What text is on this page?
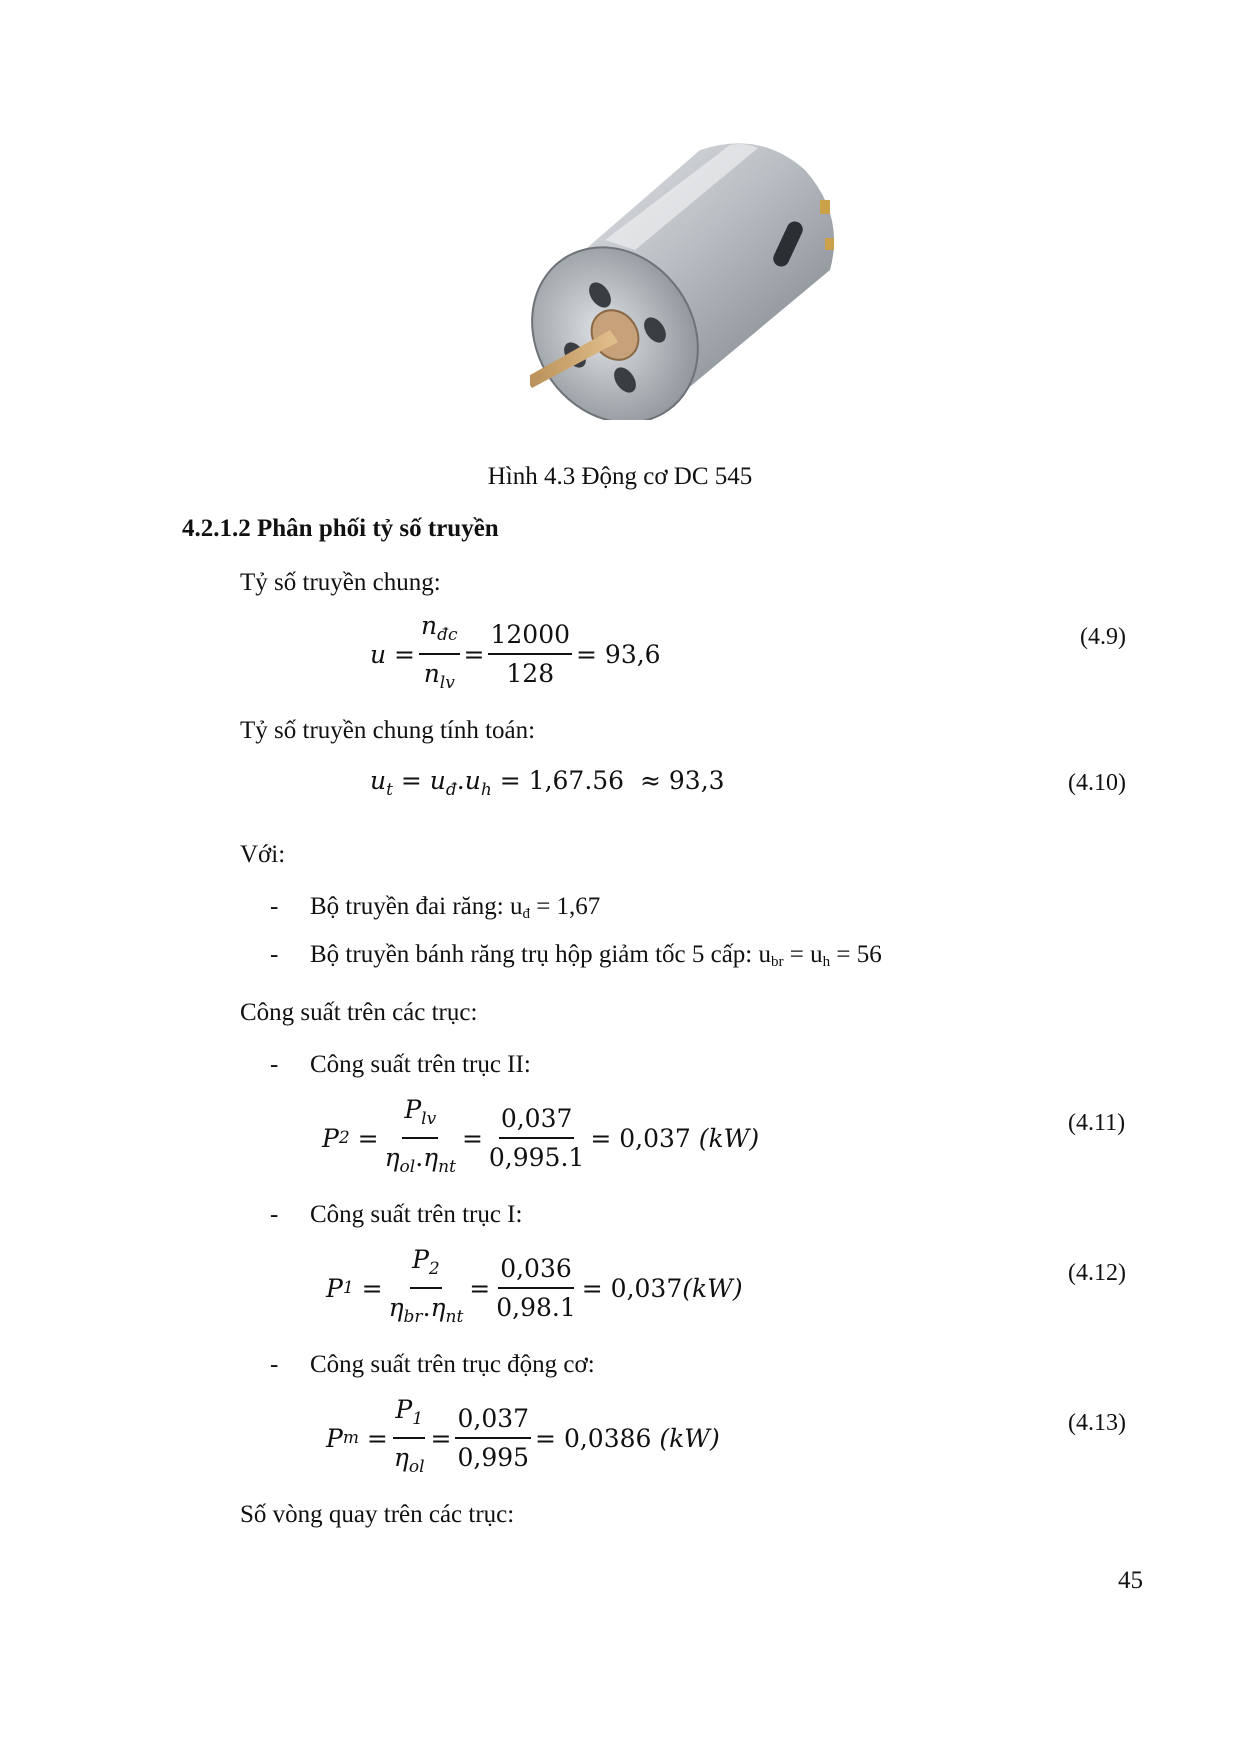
Hình 4.3 Động cơ DC 545
4.2.1.2 Phân phối tỷ số truyền
Tỷ số truyền chung:
$u = \frac{n_{đc}}{n_{lv}} = \frac{12000}{128} = 93,6$
(4.9)
Tỷ số truyền chung tính toán:
$u_t = u_đ.u_h = 1,67.56 \approx 93,3$	(4.10)
Với:
- Bộ truyền đai răng: uđ = 1,67
- Bộ truyền bánh răng trụ hộp giảm tốc 5 cấp: ubr = uh = 56
Công suất trên các trục:
- Công suất trên trục II:
P $2 = \frac{P_{lv}}{\eta_{ol}.\eta_{nt}} = \frac{0,037}{0,995.1} = 0,037$
(kW)
(4.11)
- Công suất trên trục I:
P $1 = \frac{P_2}{\eta_{br}.\eta_{nt}} = \frac{0,036}{0,98.1} = 0,037$ (kW)
(4.12)
- Công suất trên trục động cơ:
P $m = \frac{P_1}{\eta_{ol}} = \frac{0,037}{0,995} = 0,0386$
(kW)
(4.13)
Số vòng quay trên các trục:
45
